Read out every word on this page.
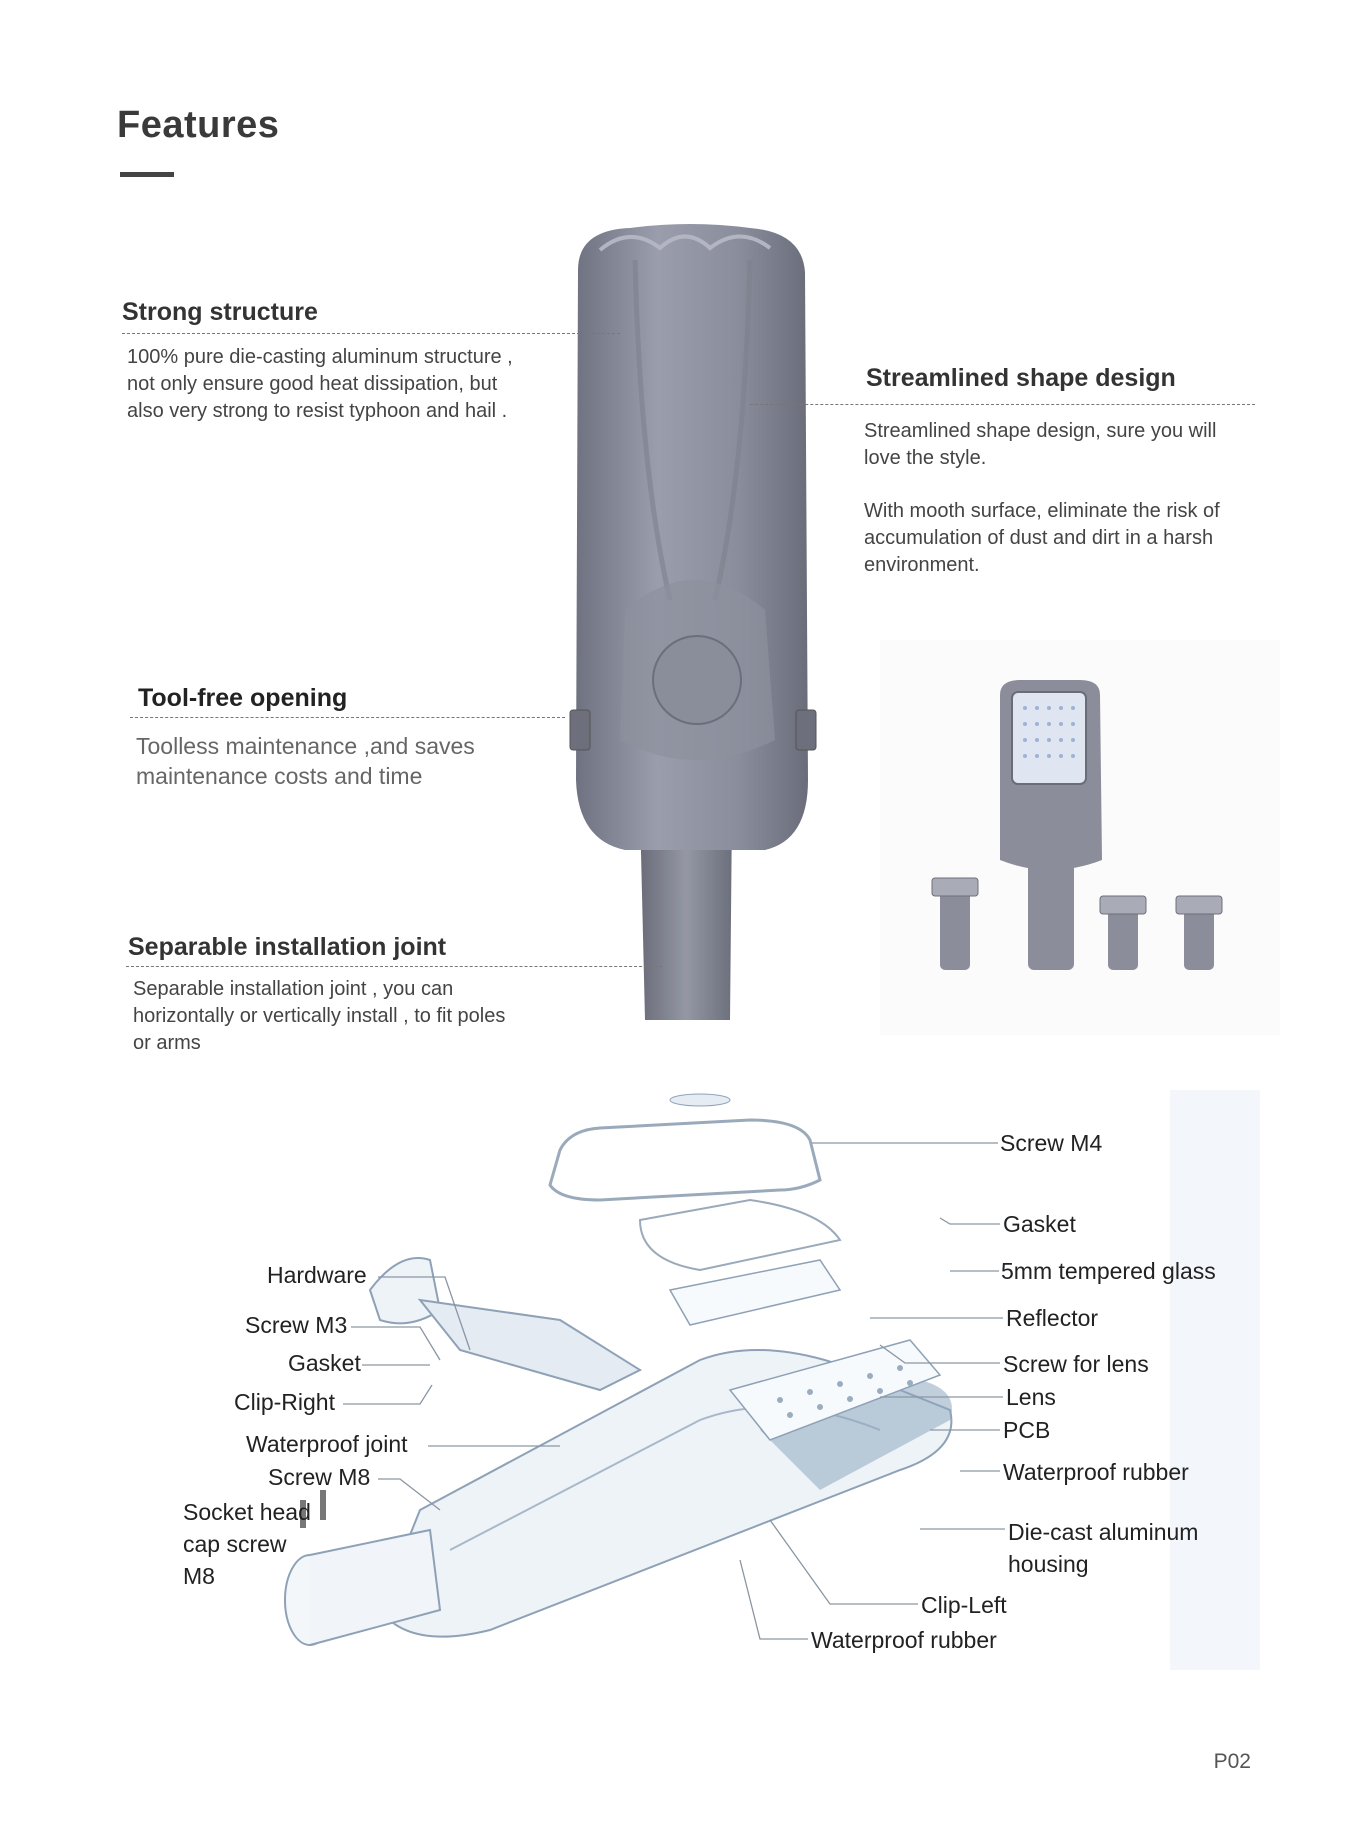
Features
Strong structure
100% pure die-casting aluminum structure ,
not only ensure good heat dissipation, but
also very strong to resist typhoon and hail .
Streamlined shape design
Streamlined shape design, sure you will
love the style.
With mooth surface, eliminate the risk of
accumulation of dust and dirt in a harsh
environment.
Tool-free opening
Toolless maintenance ,and saves
maintenance costs and time
Separable installation joint
Separable installation joint , you can
horizontally or vertically install , to fit poles
or arms
Hardware
Screw M3
Gasket
Clip-Right
Waterproof joint
Screw M8
Socket head
cap screw
M8
Screw M4
Gasket
5mm tempered glass
Reflector
Screw for lens
Lens
PCB
Waterproof rubber
Die-cast aluminum
housing
Clip-Left
Waterproof rubber
P02
